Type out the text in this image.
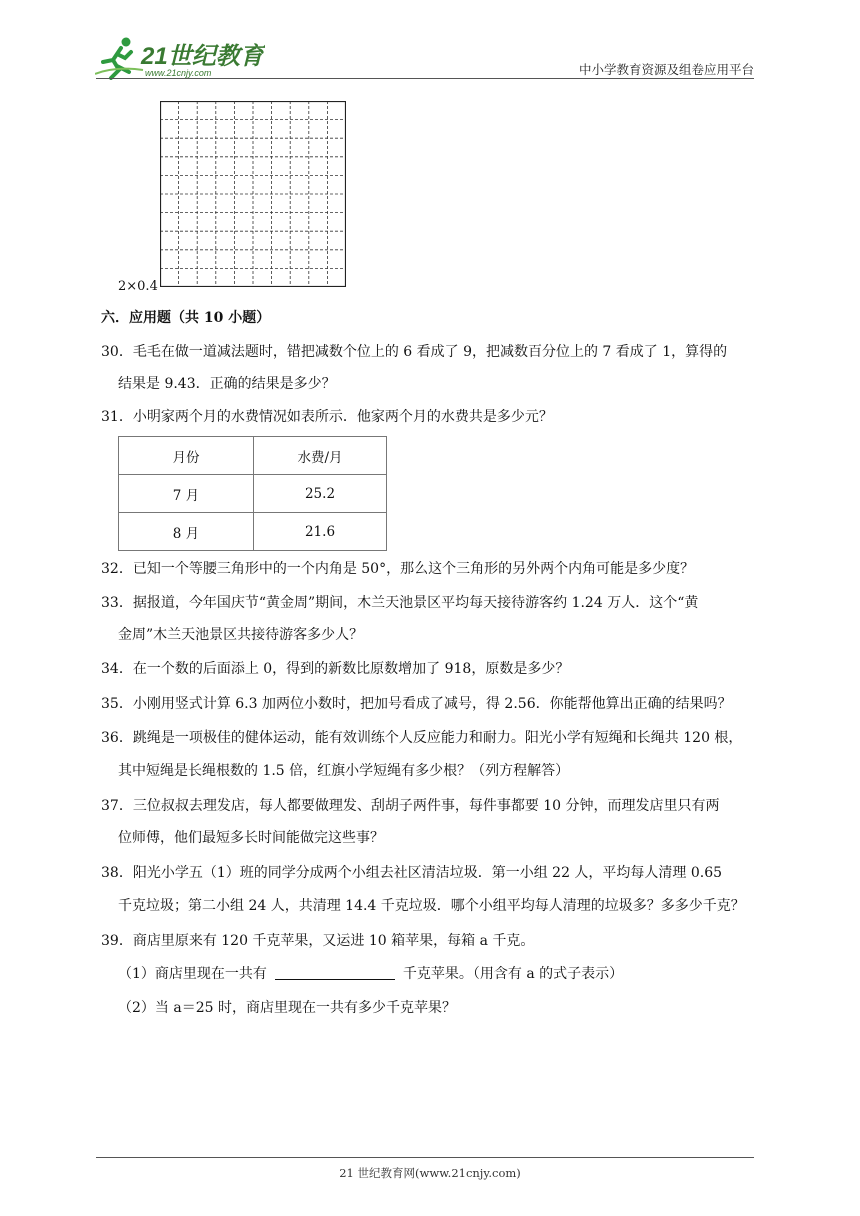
21世纪教育
www.21cnjy.com	中小学教育资源及组卷应用平台
2×0.4
六．应用题（共 10 小题）
30．毛毛在做一道减法题时，错把减数个位上的 6 看成了 9，把减数百分位上的 7 看成了 1，算得的
结果是 9.43．正确的结果是多少？
31．小明家两个月的水费情况如表所示．他家两个月的水费共是多少元？
月份	水费/月
7 月	25.2
8 月	21.6
32．已知一个等腰三角形中的一个内角是 50°，那么这个三角形的另外两个内角可能是多少度？
33．据报道，今年国庆节“黄金周”期间，木兰天池景区平均每天接待游客约 1.24 万人．这个“黄
金周”木兰天池景区共接待游客多少人？
34．在一个数的后面添上 0，得到的新数比原数增加了 918，原数是多少？
35．小刚用竖式计算 6.3 加两位小数时，把加号看成了减号，得 2.56．你能帮他算出正确的结果吗？
36．跳绳是一项极佳的健体运动，能有效训练个人反应能力和耐力。阳光小学有短绳和长绳共 120 根，
其中短绳是长绳根数的 1.5 倍，红旗小学短绳有多少根？（列方程解答）
37．三位叔叔去理发店，每人都要做理发、刮胡子两件事，每件事都要 10 分钟，而理发店里只有两
位师傅，他们最短多长时间能做完这些事？
38．阳光小学五（1）班的同学分成两个小组去社区清洁垃圾．第一小组 22 人，平均每人清理 0.65
千克垃圾；第二小组 24 人，共清理 14.4 千克垃圾．哪个小组平均每人清理的垃圾多？多多少千克？
39．商店里原来有 120 千克苹果，又运进 10 箱苹果，每箱 a 千克。
（1）商店里现在一共有	千克苹果。（用含有 a 的式子表示）
（2）当 a＝25 时，商店里现在一共有多少千克苹果？
21 世纪教育网(www.21cnjy.com)
